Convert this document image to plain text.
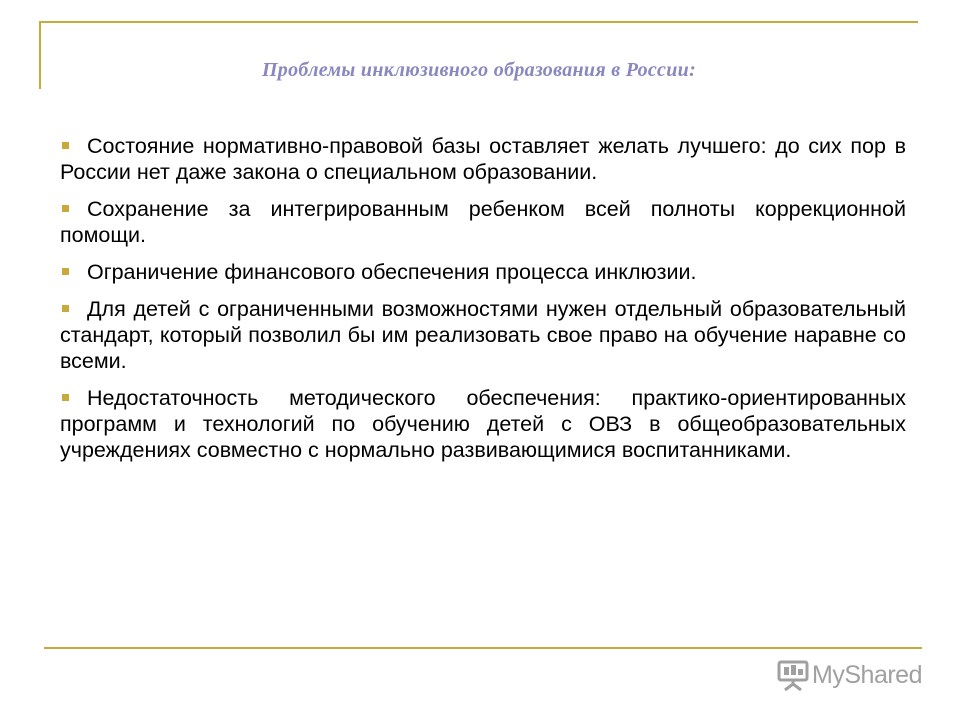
Проблемы инклюзивного образования в России:
Состояние нормативно-правовой базы оставляет желать лучшего: до сих пор в России нет даже закона о специальном образовании.
Сохранение за интегрированным ребенком всей полноты коррекционной помощи.
Ограничение финансового обеспечения процесса инклюзии.
Для детей с ограниченными возможностями нужен отдельный образовательный стандарт, который позволил бы им реализовать свое право на обучение наравне со всеми.
Недостаточность методического обеспечения: практико-ориентированных программ и технологий по обучению детей с ОВЗ в общеобразовательных учреждениях совместно с нормально развивающимися воспитанниками.
MyShared
